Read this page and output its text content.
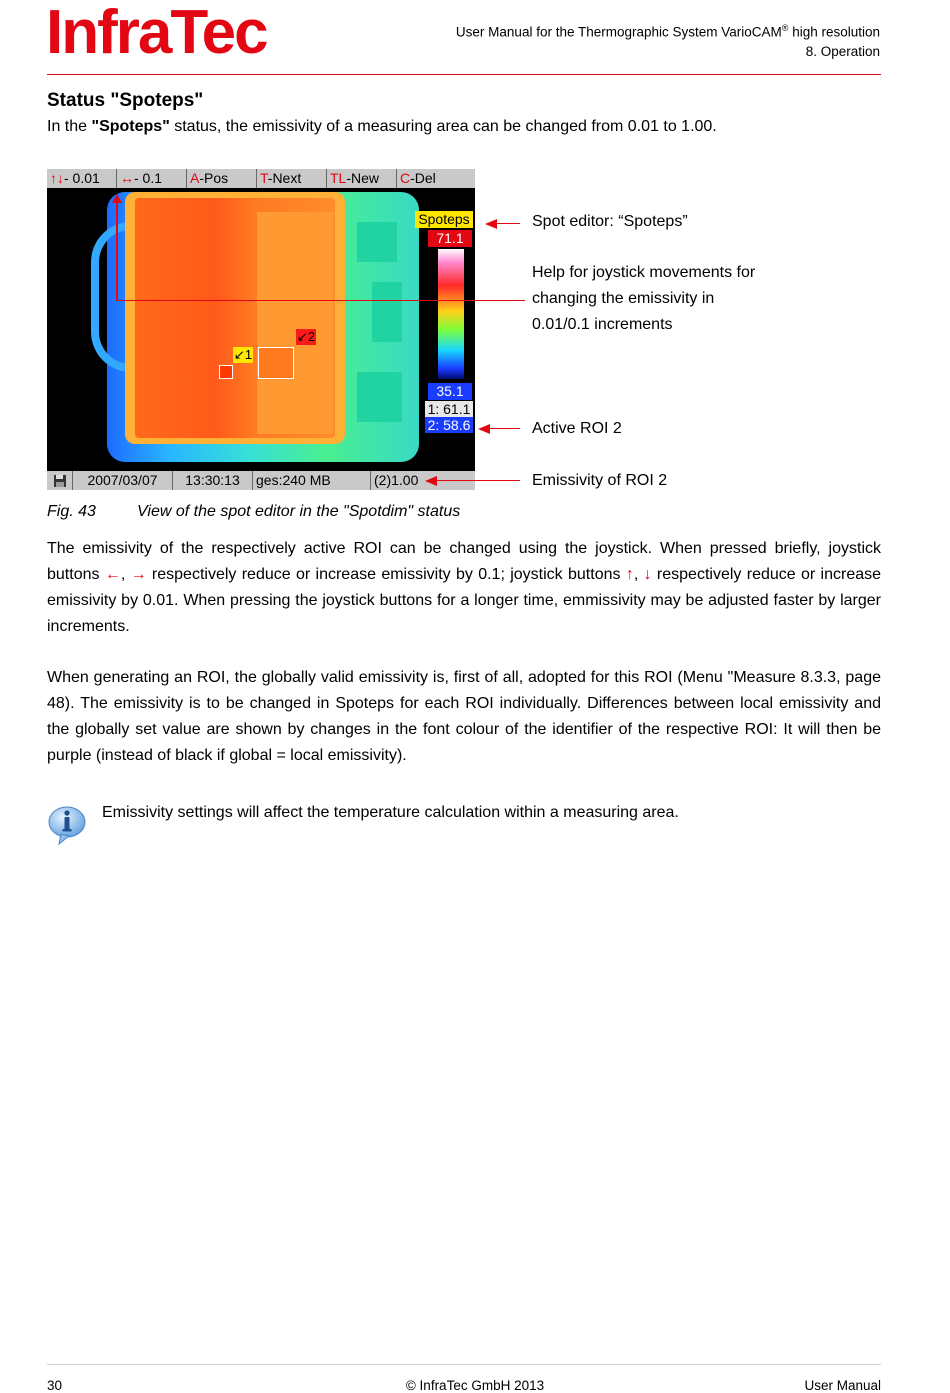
InfraTec	User Manual for the Thermographic System VarioCAM® high resolution
8. Operation
Status "Spoteps"
In the "Spoteps" status, the emissivity of a measuring area can be changed from 0.01 to 1.00.
↑↓- 0.01	↔- 0.1	A-Pos	T-Next	TL-New	C-Del
↙1
↙2
Spoteps
71.1
35.1
1: 61.1
2: 58.6
2007/03/07	13:30:13	ges:240 MB	(2)1.00
Spot editor: “Spoteps”
Help for joystick movements for
changing the emissivity in
0.01/0.1 increments
Active ROI 2
Emissivity of ROI 2
Fig. 43	View of the spot editor in the "Spotdim" status
The emissivity of the respectively active ROI can be changed using the joystick. When pressed briefly, joystick buttons ←, → respectively reduce or increase emissivity by 0.1; joystick buttons ↑, ↓ respectively reduce or increase emissivity by 0.01. When pressing the joystick buttons for a longer time, emmissivity may be adjusted faster by larger increments.
When generating an ROI, the globally valid emissivity is, first of all, adopted for this ROI (Menu "Measure 8.3.3, page 48). The emissivity is to be changed in Spoteps for each ROI individually. Differences between local emissivity and the globally set value are shown by changes in the font colour of the identifier of the respective ROI: It will then be purple (instead of black if global = local emissivity).
Emissivity settings will affect the temperature calculation within a measuring area.
30	© InfraTec GmbH 2013	User Manual
